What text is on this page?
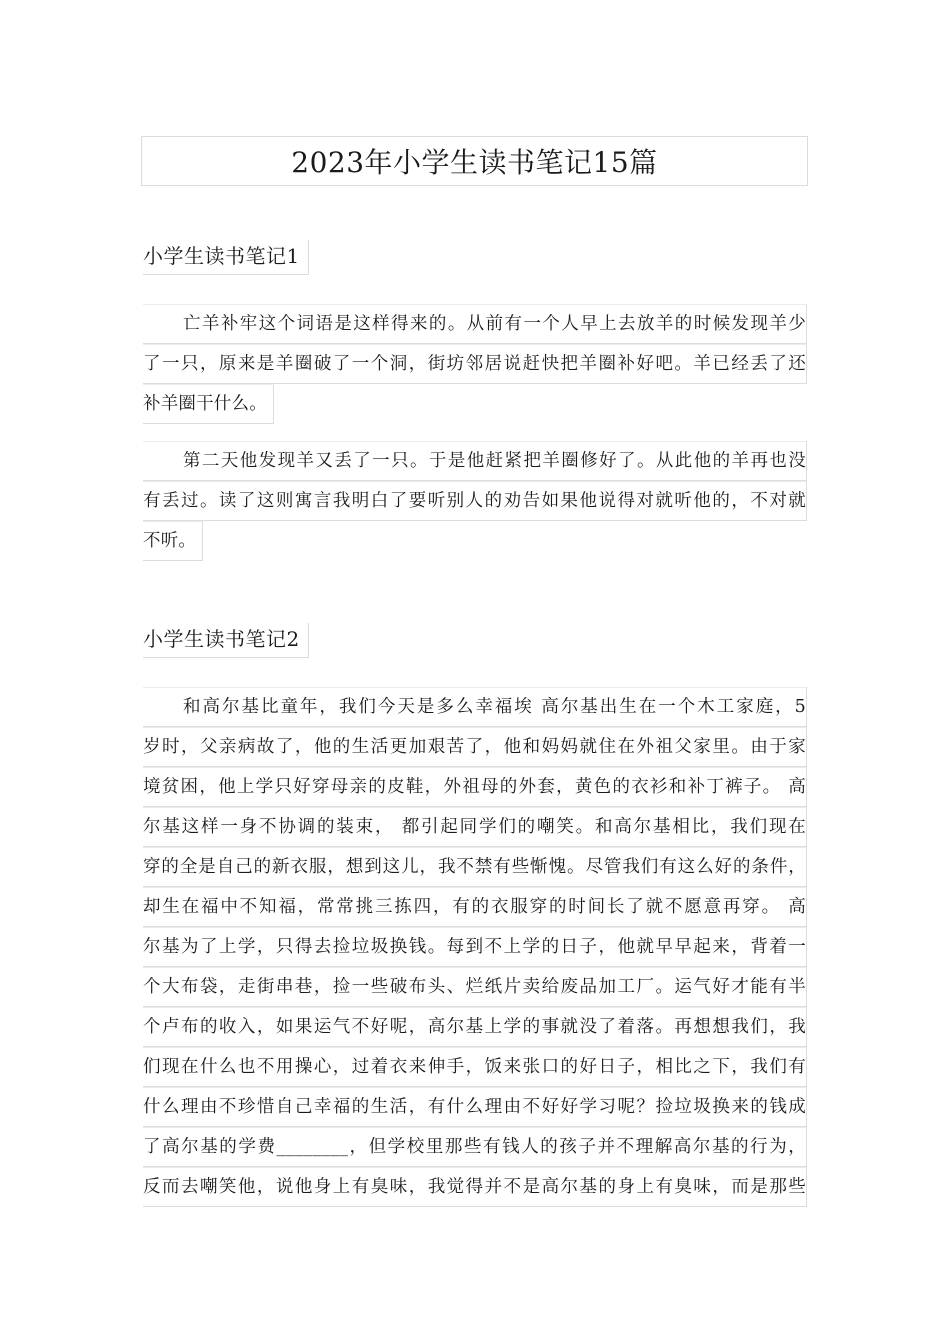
2023年小学生读书笔记15篇
小学生读书笔记1
亡羊补牢这个词语是这样得来的。从前有一个人早上去放羊的时候发现羊少
了一只，原来是羊圈破了一个洞，街坊邻居说赶快把羊圈补好吧。羊已经丢了还
补羊圈干什么。
第二天他发现羊又丢了一只。于是他赶紧把羊圈修好了。从此他的羊再也没
有丢过。读了这则寓言我明白了要听别人的劝告如果他说得对就听他的，不对就
不听。
小学生读书笔记2
和高尔基比童年，我们今天是多么幸福埃 高尔基出生在一个木工家庭，5
岁时，父亲病故了，他的生活更加艰苦了，他和妈妈就住在外祖父家里。由于家
境贫困，他上学只好穿母亲的皮鞋，外祖母的外套，黄色的衣衫和补丁裤子。 高
尔基这样一身不协调的装束， 都引起同学们的嘲笑。和高尔基相比，我们现在
穿的全是自己的新衣服，想到这儿，我不禁有些惭愧。尽管我们有这么好的条件，
却生在福中不知福，常常挑三拣四，有的衣服穿的时间长了就不愿意再穿。 高
尔基为了上学，只得去捡垃圾换钱。每到不上学的日子，他就早早起来，背着一
个大布袋，走街串巷，捡一些破布头、烂纸片卖给废品加工厂。运气好才能有半
个卢布的收入，如果运气不好呢，高尔基上学的事就没了着落。再想想我们，我
们现在什么也不用操心，过着衣来伸手，饭来张口的好日子，相比之下，我们有
什么理由不珍惜自己幸福的生活，有什么理由不好好学习呢？捡垃圾换来的钱成
了高尔基的学费________，但学校里那些有钱人的孩子并不理解高尔基的行为，
反而去嘲笑他，说他身上有臭味，我觉得并不是高尔基的身上有臭味，而是那些
